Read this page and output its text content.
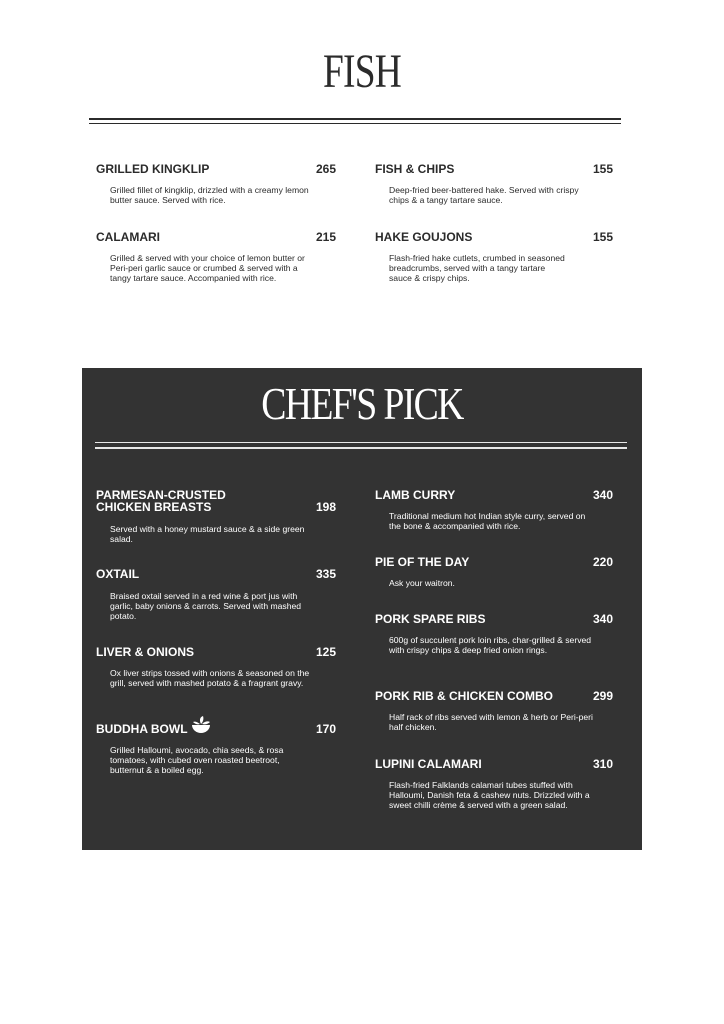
FISH
GRILLED KINGKLIP	265
Grilled fillet of kingklip, drizzled with a creamy lemon butter sauce. Served with rice.
FISH & CHIPS	155
Deep-fried beer-battered hake. Served with crispy chips & a tangy tartare sauce.
CALAMARI	215
Grilled & served with your choice of lemon butter or Peri-peri garlic sauce or crumbed & served with a tangy tartare sauce. Accompanied with rice.
HAKE GOUJONS	155
Flash-fried hake cutlets, crumbed in seasoned breadcrumbs, served with a tangy tartare sauce & crispy chips.
CHEF'S PICK
PARMESAN-CRUSTED CHICKEN BREASTS	198
Served with a honey mustard sauce & a side green salad.
OXTAIL	335
Braised oxtail served in a red wine & port jus with garlic, baby onions & carrots. Served with mashed potato.
LIVER & ONIONS	125
Ox liver strips tossed with onions & seasoned on the grill, served with mashed potato & a fragrant gravy.
BUDDHA BOWL	170
Grilled Halloumi, avocado, chia seeds, & rosa tomatoes, with cubed oven roasted beetroot, butternut & a boiled egg.
LAMB CURRY	340
Traditional medium hot Indian style curry, served on the bone & accompanied with rice.
PIE OF THE DAY	220
Ask your waitron.
PORK SPARE RIBS	340
600g of succulent pork loin ribs, char-grilled & served with crispy chips & deep fried onion rings.
PORK RIB & CHICKEN COMBO	299
Half rack of ribs served with lemon & herb or Peri-peri half chicken.
LUPINI CALAMARI	310
Flash-fried Falklands calamari tubes stuffed with Halloumi, Danish feta & cashew nuts. Drizzled with a sweet chilli crème & served with a green salad.
